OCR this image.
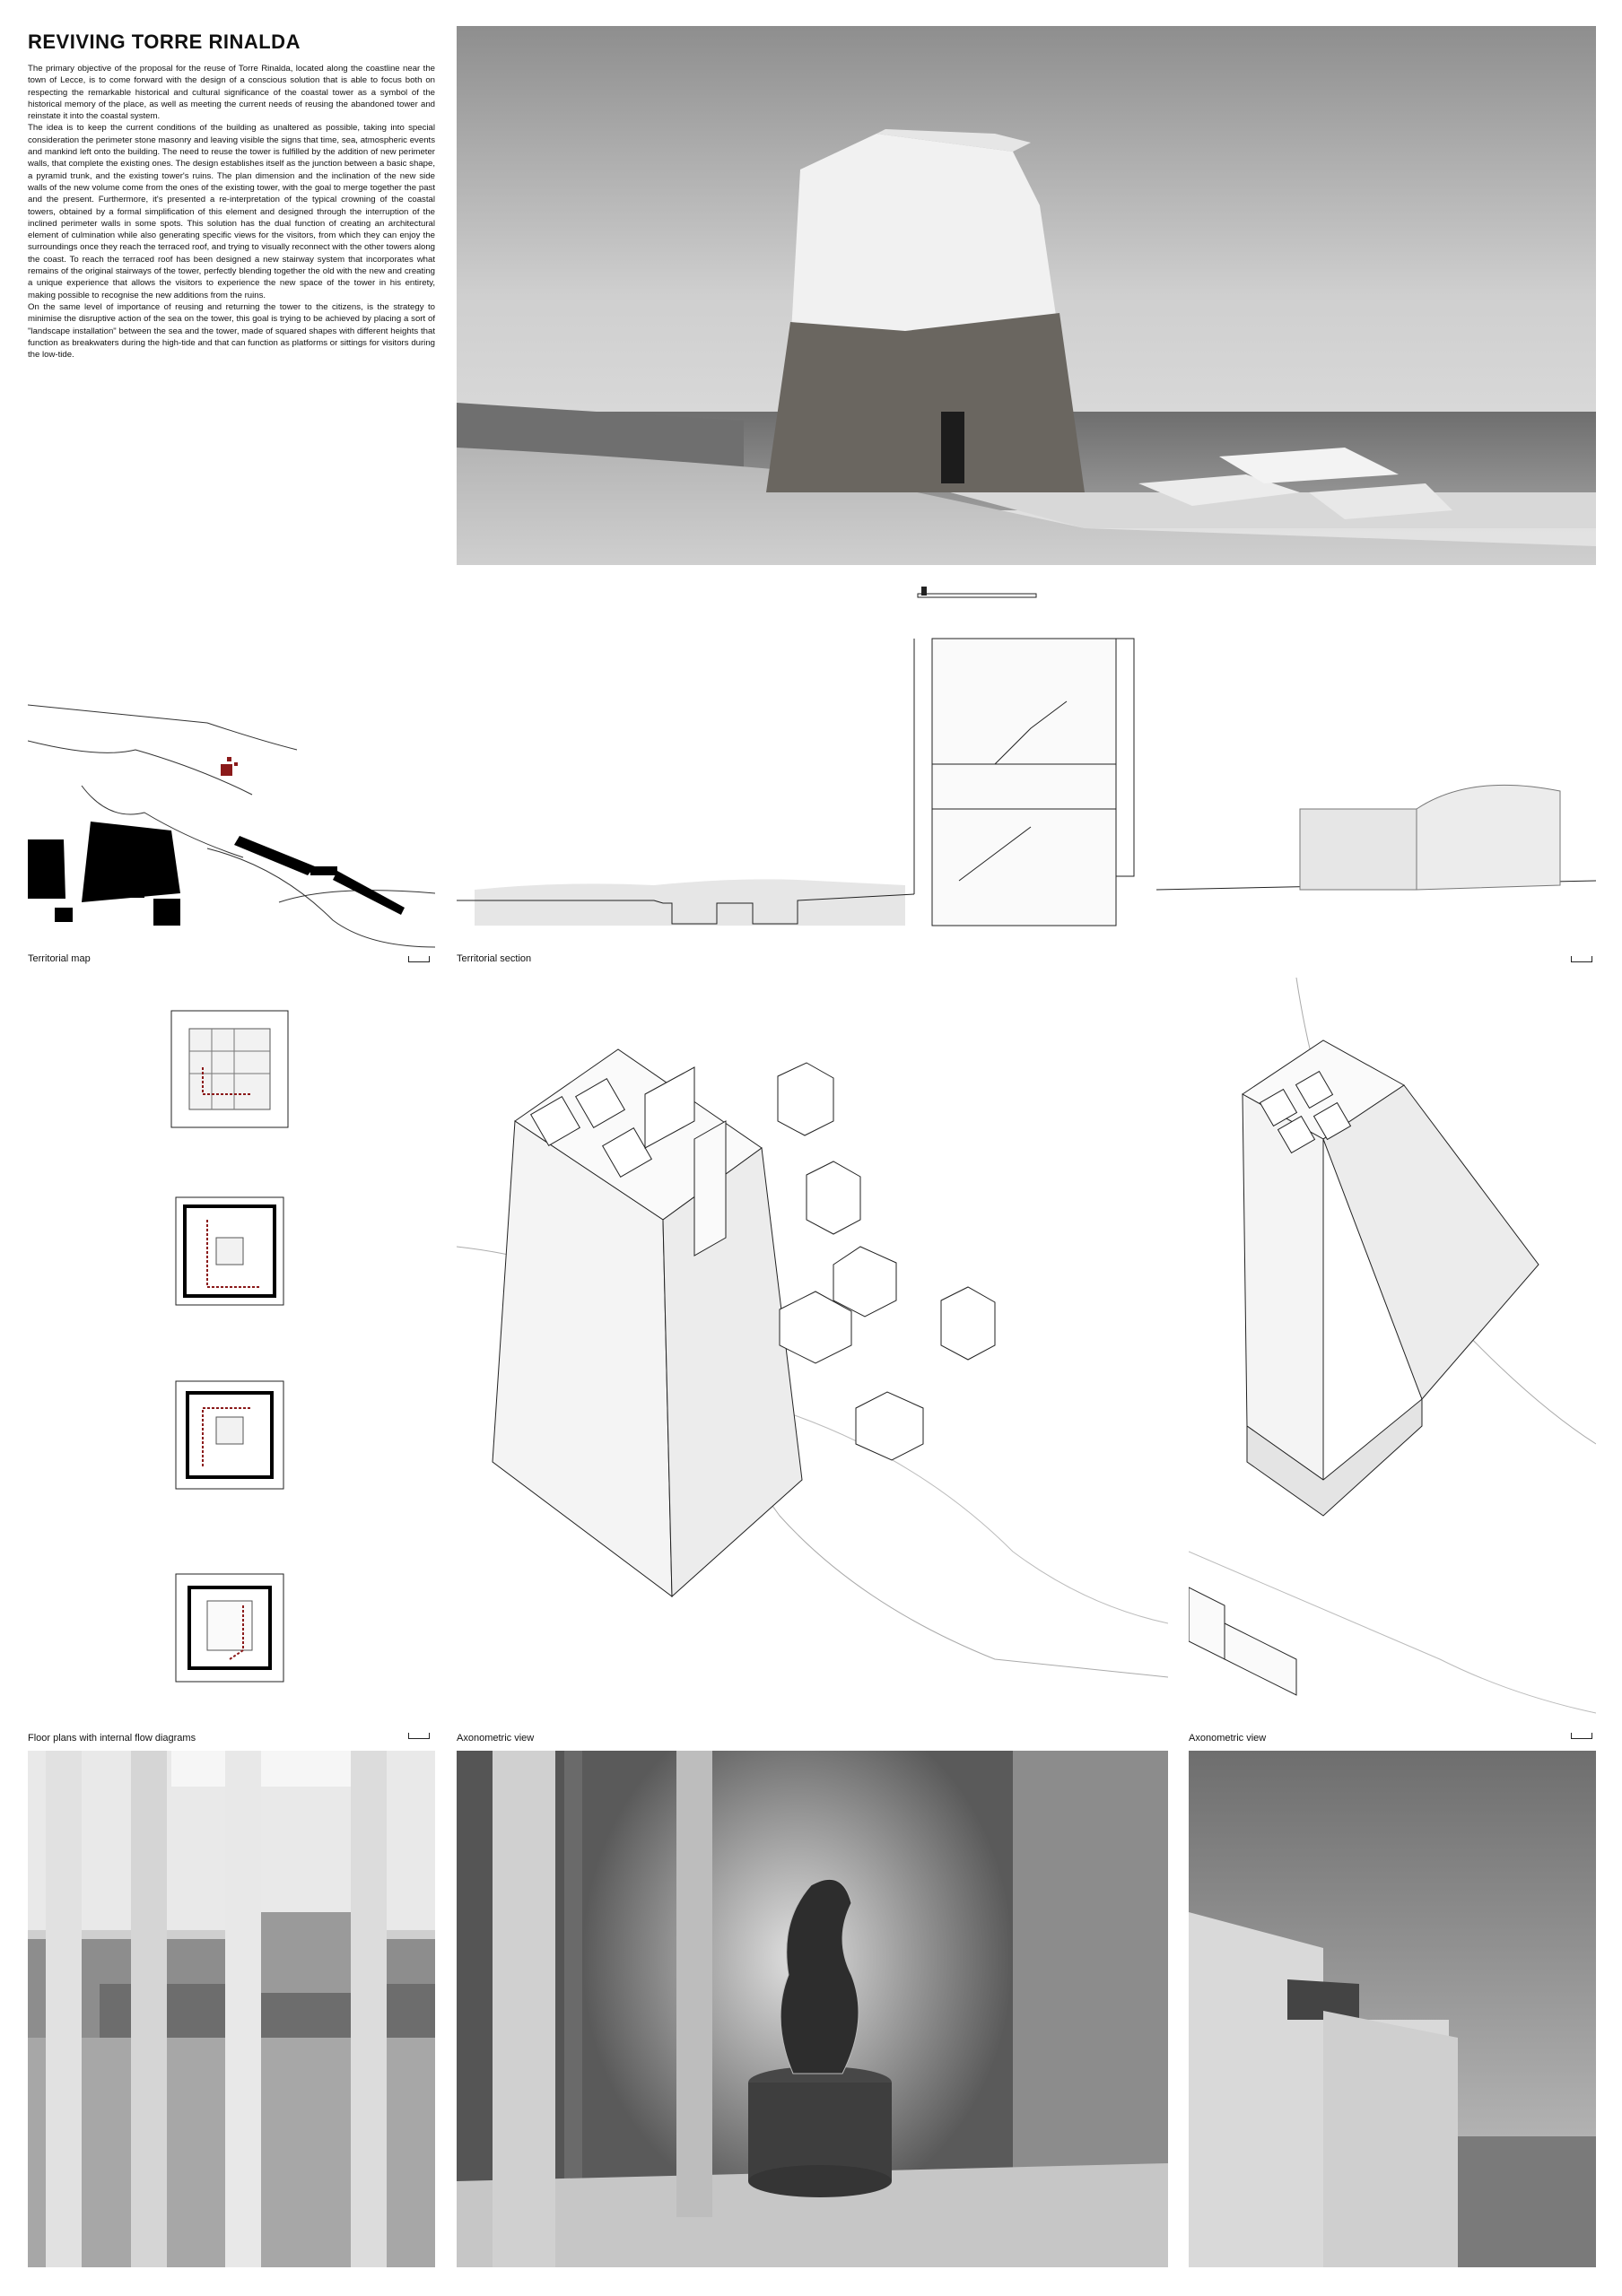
REVIVING TORRE RINALDA

The primary objective of the proposal for the reuse of Torre Rinalda, located along the coastline near the town of Lecce, is to come forward with the design of a conscious solution that is able to focus both on respecting the remarkable historical and cultural significance of the coastal tower as a symbol of the historical memory of the place, as well as meeting the current needs of reusing the abandoned tower and reinstate it into the coastal system.

The idea is to keep the current conditions of the building as unaltered as possible, taking into special consideration the perimeter stone masonry and leaving visible the signs that time, sea, atmospheric events and mankind left onto the building. The need to reuse the tower is fulfilled by the addition of new perimeter walls, that complete the existing ones. The design establishes itself as the junction between a basic shape, a pyramid trunk, and the existing tower's ruins. The plan dimension and the inclination of the new side walls of the new volume come from the ones of the existing tower, with the goal to merge together the past and the present. Furthermore, it's presented a re-interpretation of the typical crowning of the coastal towers, obtained by a formal simplification of this element and designed through the interruption of the inclined perimeter walls in some spots. This solution has the dual function of creating an architectural element of culmination while also generating specific views for the visitors, from which they can enjoy the surroundings once they reach the terraced roof, and trying to visually reconnect with the other towers along the coast. To reach the terraced roof has been designed a new stairway system that incorporates what remains of the original stairways of the tower, perfectly blending together the old with the new and creating a unique experience that allows the visitors to experience the new space of the tower in his entirety, making possible to recognise the new additions from the ruins.

On the same level of importance of reusing and returning the tower to the citizens, is the strategy to minimise the disruptive action of the sea on the tower, this goal is trying to be achieved by placing a sort of "landscape installation" between the sea and the tower, made of squared shapes with different heights that function as breakwaters during the high-tide and that can function as platforms or sittings for visitors during the low-tide.

Territorial map	Territorial section
Floor plans with internal flow diagrams	Axonometric view	Axonometric view
